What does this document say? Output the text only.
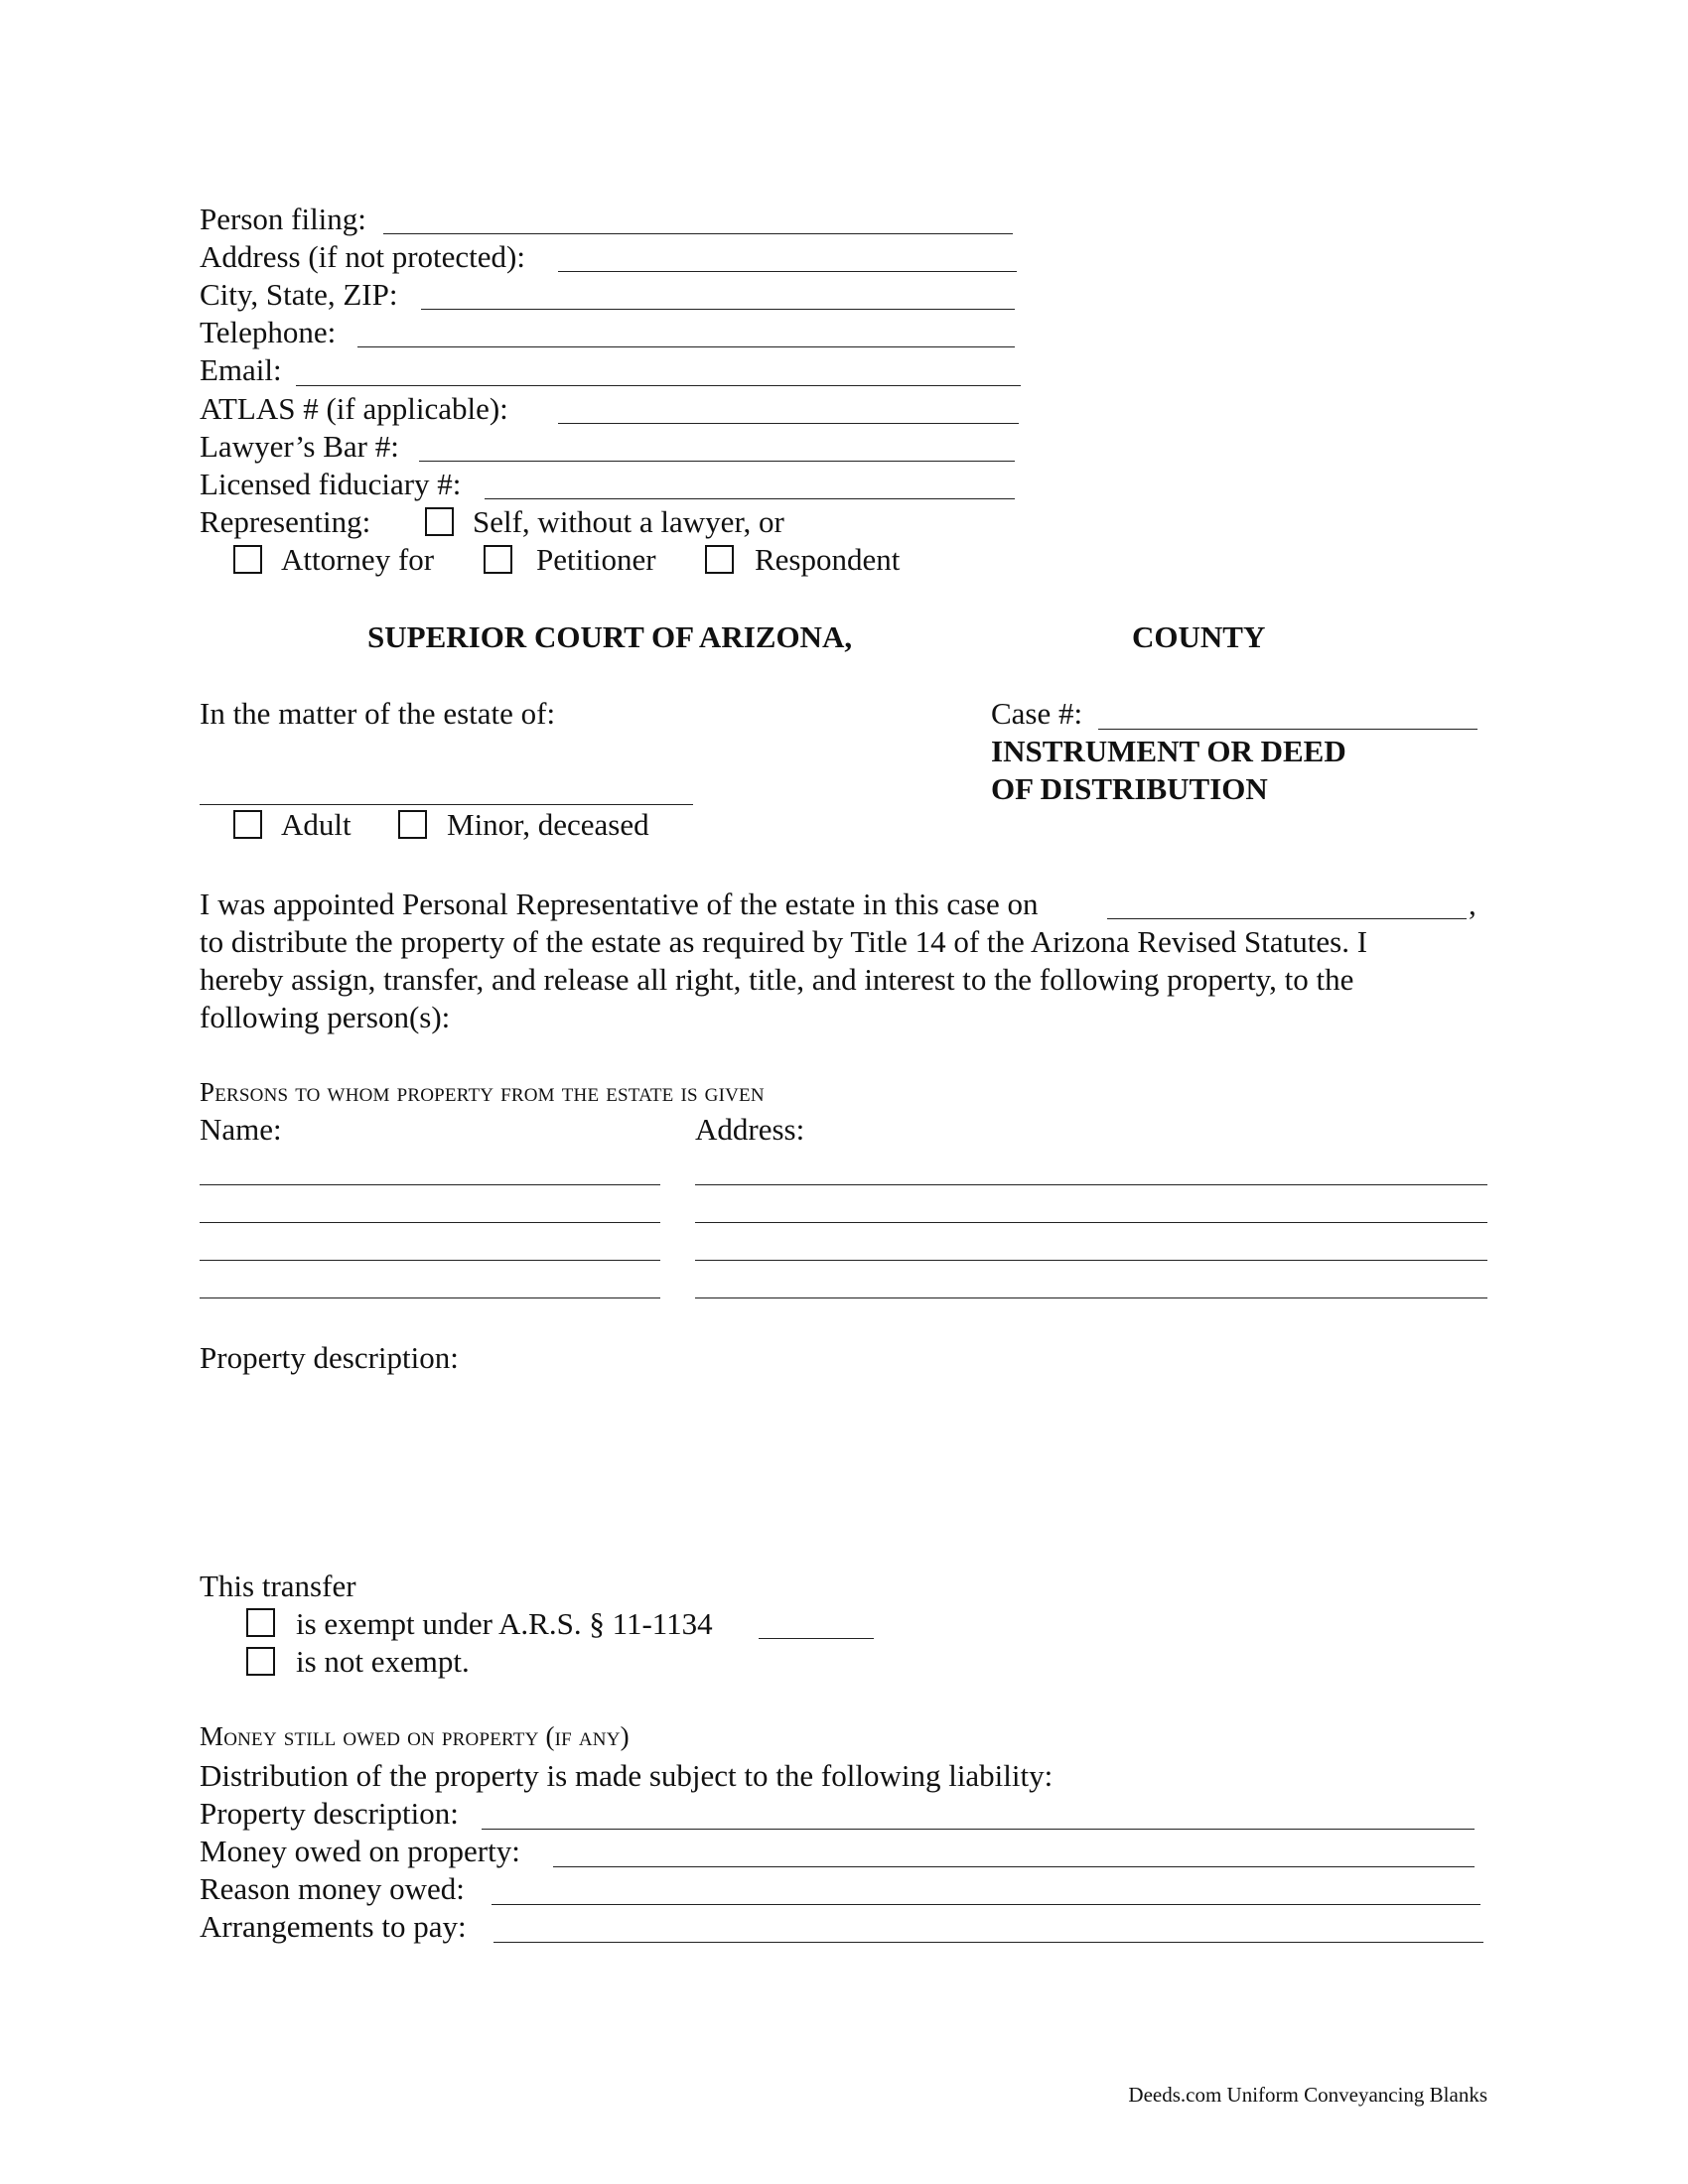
Person filing:
Address (if not protected):
City, State, ZIP:
Telephone:
Email:
ATLAS # (if applicable):
Lawyer’s Bar #:
Licensed fiduciary #:
Representing:	Self, without a lawyer, or
Attorney for	Petitioner	Respondent
SUPERIOR COURT OF ARIZONA,	COUNTY
In the matter of the estate of:
Adult	Minor, deceased
Case #:
INSTRUMENT OR DEED
OF DISTRIBUTION
I was appointed Personal Representative of the estate in this case on	,
to distribute the property of the estate as required by Title 14 of the Arizona Revised Statutes. I
hereby assign, transfer, and release all right, title, and interest to the following property, to the
following person(s):
Persons to whom property from the estate is given
Name:	Address:
Property description:
This transfer
is exempt under A.R.S. § 11-1134
is not exempt.
Money still owed on property (if any)
Distribution of the property is made subject to the following liability:
Property description:
Money owed on property:
Reason money owed:
Arrangements to pay:
Deeds.com Uniform Conveyancing Blanks
